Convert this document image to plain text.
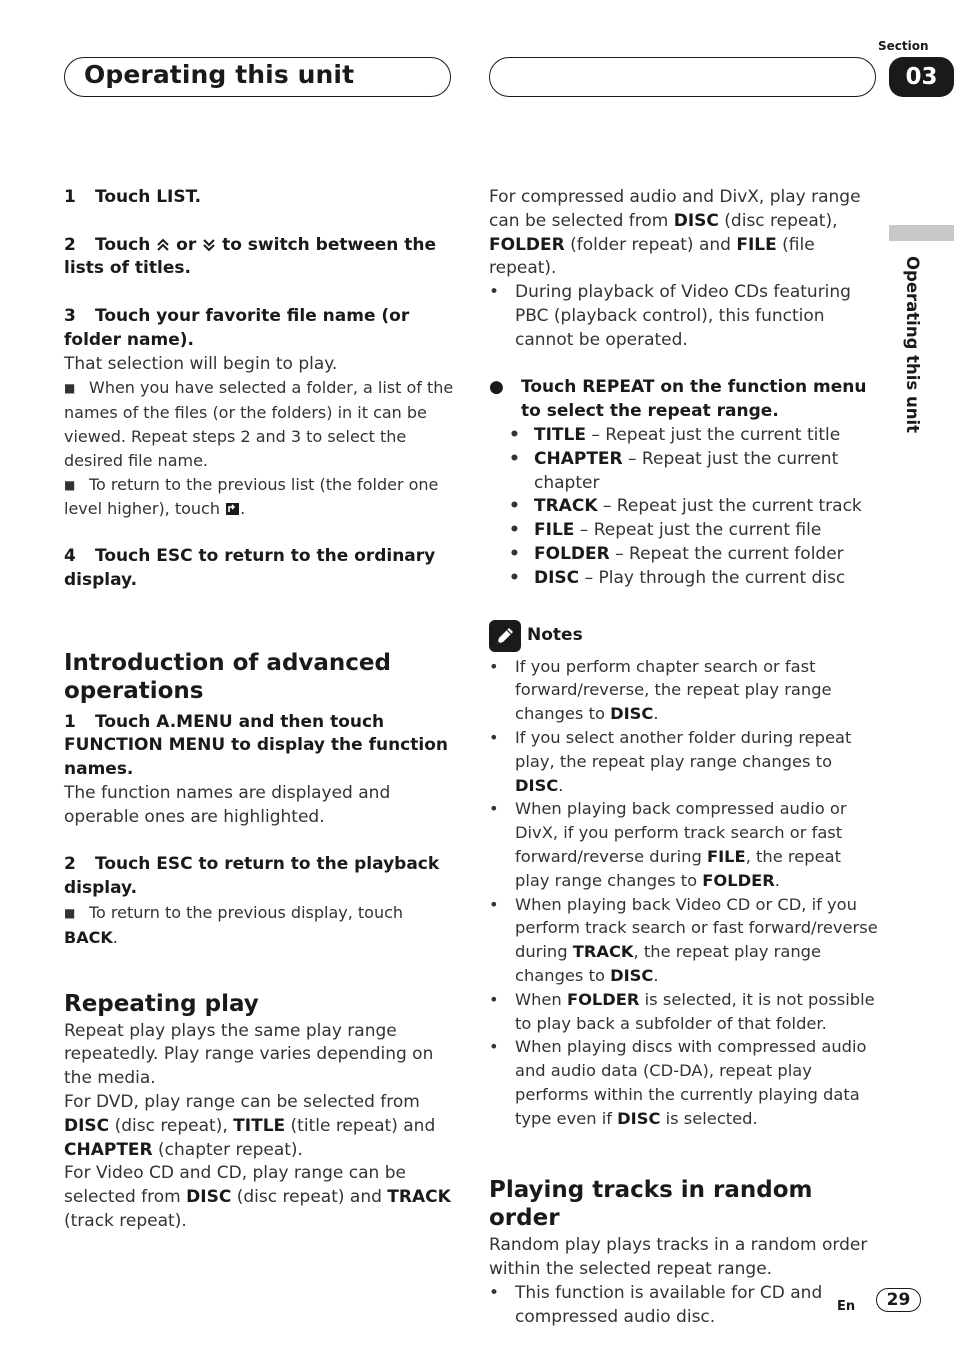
Operating this unit
Section
03
Operating this unit

1 Touch LIST.

2 Touch or to switch between the lists of titles.

3 Touch your favorite file name (or folder name).

That selection will begin to play.

■ When you have selected a folder, a list of the names of the files (or the folders) in it can be viewed. Repeat steps 2 and 3 to select the desired file name.

■ To return to the previous list (the folder one level higher), touch .

4 Touch ESC to return to the ordinary display.

Introduction of advanced operations

1 Touch A.MENU and then touch FUNCTION MENU to display the function names.

The function names are displayed and operable ones are highlighted.

2 Touch ESC to return to the playback display.

■ To return to the previous display, touch BACK.

Repeating play

Repeat play plays the same play range repeatedly. Play range varies depending on the media.

For DVD, play range can be selected from DISC (disc repeat), TITLE (title repeat) and CHAPTER (chapter repeat).

For Video CD and CD, play range can be selected from DISC (disc repeat) and TRACK (track repeat).

For compressed audio and DivX, play range can be selected from DISC (disc repeat), FOLDER (folder repeat) and FILE (file repeat).

• During playback of Video CDs featuring PBC (playback control), this function cannot be operated.

● Touch REPEAT on the function menu to select the repeat range.

• TITLE – Repeat just the current title

• CHAPTER – Repeat just the current chapter

• TRACK – Repeat just the current track

• FILE – Repeat just the current file

• FOLDER – Repeat the current folder

• DISC – Play through the current disc

Notes

• If you perform chapter search or fast forward/reverse, the repeat play range changes to DISC.

• If you select another folder during repeat play, the repeat play range changes to DISC.

• When playing back compressed audio or DivX, if you perform track search or fast forward/reverse during FILE, the repeat play range changes to FOLDER.

• When playing back Video CD or CD, if you perform track search or fast forward/reverse during TRACK, the repeat play range changes to DISC.

• When FOLDER is selected, it is not possible to play back a subfolder of that folder.

• When playing discs with compressed audio and audio data (CD-DA), repeat play performs within the currently playing data type even if DISC is selected.

Playing tracks in random order

Random play plays tracks in a random order within the selected repeat range.

• This function is available for CD and compressed audio disc.

En	29
